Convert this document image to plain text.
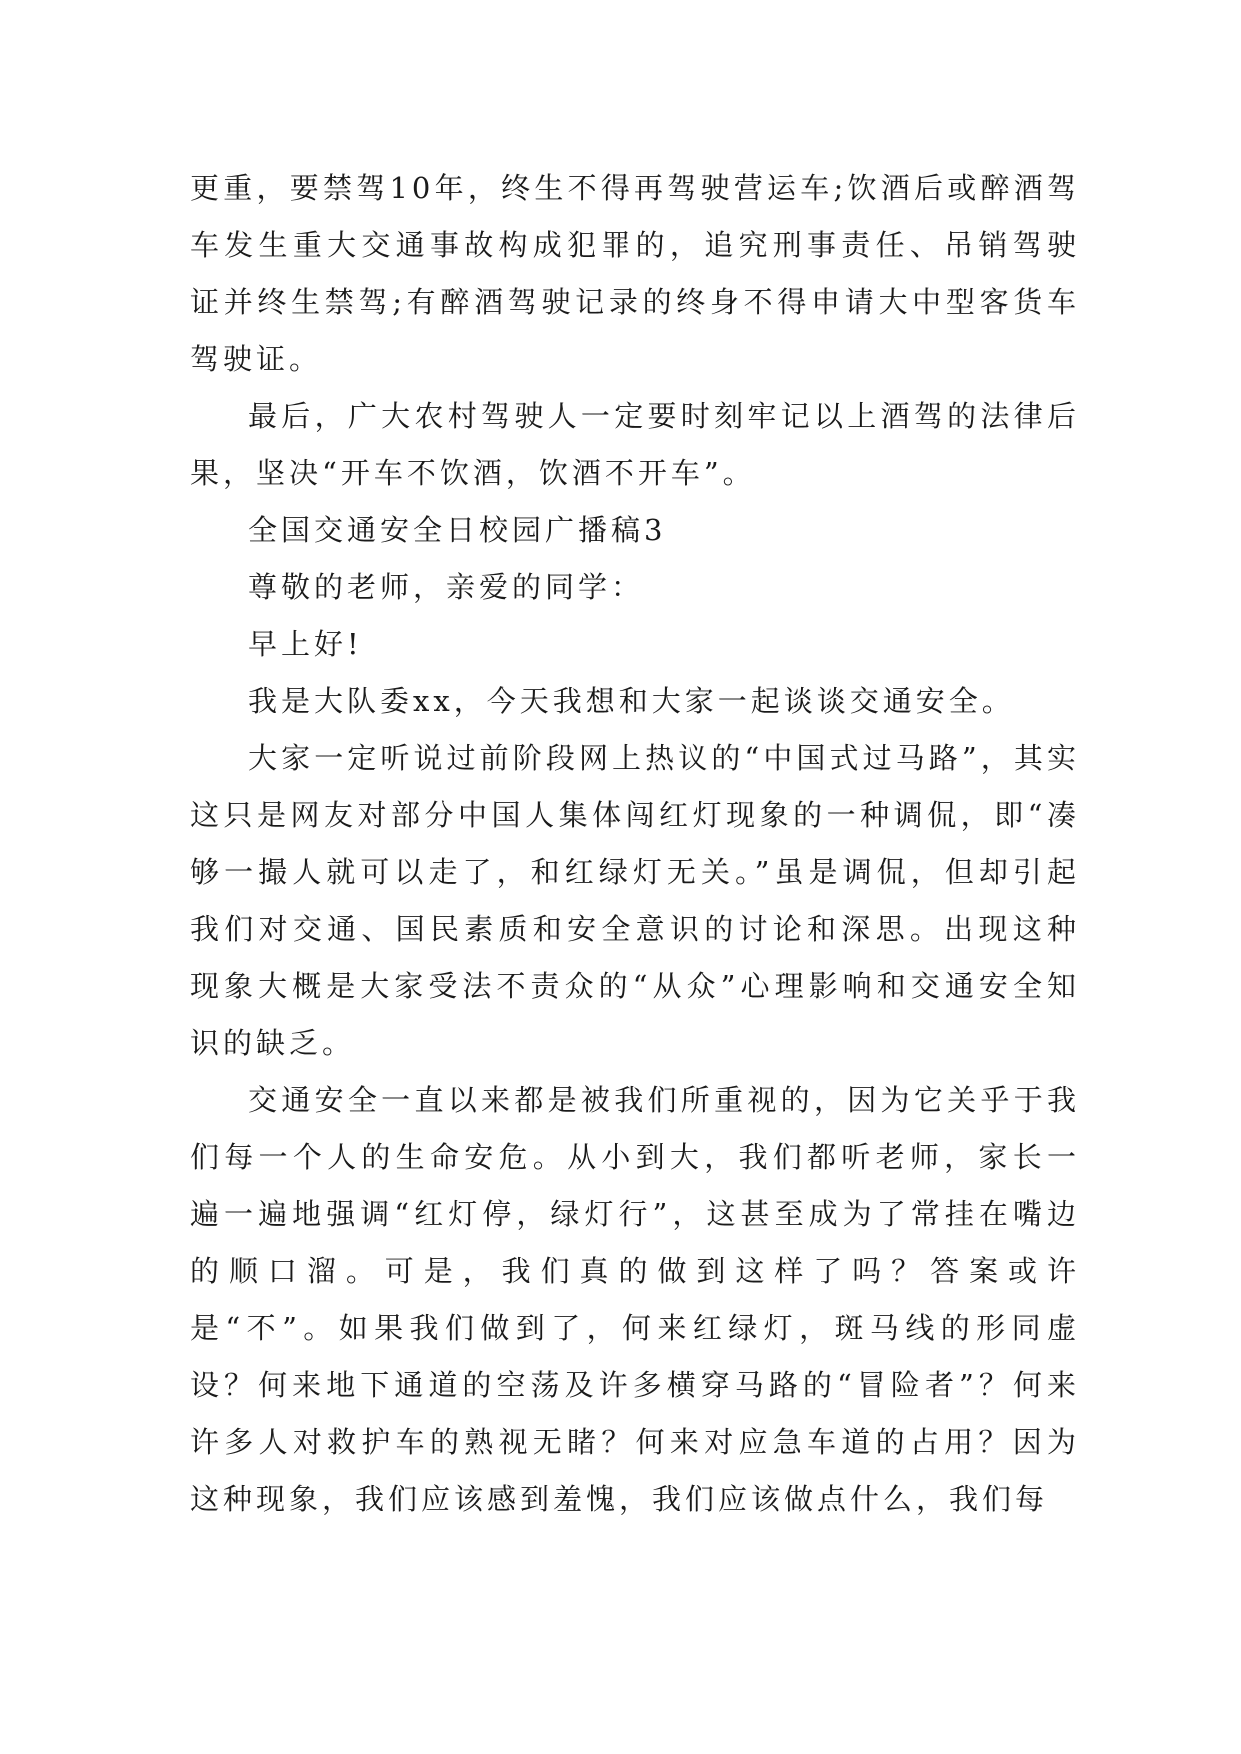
更重，要禁驾10年，终生不得再驾驶营运车;饮酒后或醉酒驾车发生重大交通事故构成犯罪的，追究刑事责任、吊销驾驶证并终生禁驾;有醉酒驾驶记录的终身不得申请大中型客货车驾驶证。

最后，广大农村驾驶人一定要时刻牢记以上酒驾的法律后果，坚决“开车不饮酒，饮酒不开车”。

全国交通安全日校园广播稿3

尊敬的老师，亲爱的同学：

早上好!

我是大队委xx，今天我想和大家一起谈谈交通安全。

大家一定听说过前阶段网上热议的“中国式过马路”，其实这只是网友对部分中国人集体闯红灯现象的一种调侃，即“凑够一撮人就可以走了，和红绿灯无关。”虽是调侃，但却引起我们对交通、国民素质和安全意识的讨论和深思。出现这种现象大概是大家受法不责众的“从众”心理影响和交通安全知识的缺乏。

交通安全一直以来都是被我们所重视的，因为它关乎于我们每一个人的生命安危。从小到大，我们都听老师，家长一遍一遍地强调“红灯停，绿灯行”，这甚至成为了常挂在嘴边的顺口溜。可是，我们真的做到这样了吗？答案或许是“不”。如果我们做到了，何来红绿灯，斑马线的形同虚设？何来地下通道的空荡及许多横穿马路的“冒险者”？何来许多人对救护车的熟视无睹？何来对应急车道的占用？因为这种现象，我们应该感到羞愧，我们应该做点什么，我们每
